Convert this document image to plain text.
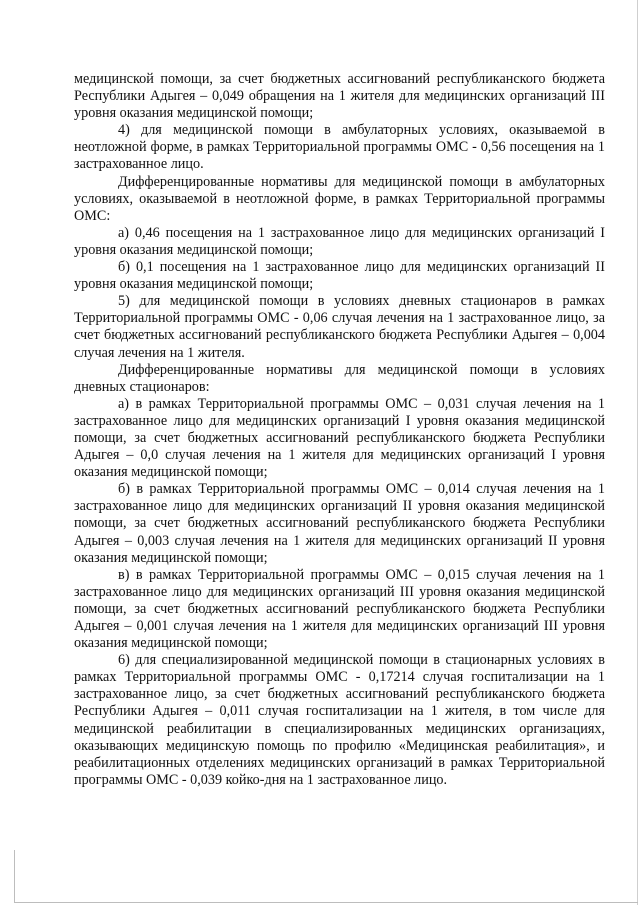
медицинской помощи, за счет бюджетных ассигнований республиканского бюджета Республики Адыгея – 0,049 обращения на 1 жителя для медицинских организаций III уровня оказания медицинской помощи;

4) для медицинской помощи в амбулаторных условиях, оказываемой в неотложной форме, в рамках Территориальной программы ОМС - 0,56 посещения на 1 застрахованное лицо.

Дифференцированные нормативы для медицинской помощи в амбулаторных условиях, оказываемой в неотложной форме, в рамках Территориальной программы ОМС:

а) 0,46 посещения на 1 застрахованное лицо для медицинских организаций I уровня оказания медицинской помощи;

б) 0,1 посещения на 1 застрахованное лицо для медицинских организаций II уровня оказания медицинской помощи;

5) для медицинской помощи в условиях дневных стационаров в рамках Территориальной программы ОМС - 0,06 случая лечения на 1 застрахованное лицо, за счет бюджетных ассигнований республиканского бюджета Республики Адыгея – 0,004 случая лечения на 1 жителя.

Дифференцированные нормативы для медицинской помощи в условиях дневных стационаров:

а) в рамках Территориальной программы ОМС – 0,031 случая лечения на 1 застрахованное лицо для медицинских организаций I уровня оказания медицинской помощи, за счет бюджетных ассигнований республиканского бюджета Республики Адыгея – 0,0 случая лечения на 1 жителя для медицинских организаций I уровня оказания медицинской помощи;

б) в рамках Территориальной программы ОМС – 0,014 случая лечения на 1 застрахованное лицо для медицинских организаций II уровня оказания медицинской помощи, за счет бюджетных ассигнований республиканского бюджета Республики Адыгея – 0,003 случая лечения на 1 жителя для медицинских организаций II уровня оказания медицинской помощи;

в) в рамках Территориальной программы ОМС – 0,015 случая лечения на 1 застрахованное лицо для медицинских организаций III уровня оказания медицинской помощи, за счет бюджетных ассигнований республиканского бюджета Республики Адыгея – 0,001 случая лечения на 1 жителя для медицинских организаций III уровня оказания медицинской помощи;

6) для специализированной медицинской помощи в стационарных условиях в рамках Территориальной программы ОМС - 0,17214 случая госпитализации на 1 застрахованное лицо, за счет бюджетных ассигнований республиканского бюджета Республики Адыгея – 0,011 случая госпитализации на 1 жителя, в том числе для медицинской реабилитации в специализированных медицинских организациях, оказывающих медицинскую помощь по профилю «Медицинская реабилитация», и реабилитационных отделениях медицинских организаций в рамках Территориальной программы ОМС - 0,039 койко-дня на 1 застрахованное лицо.
